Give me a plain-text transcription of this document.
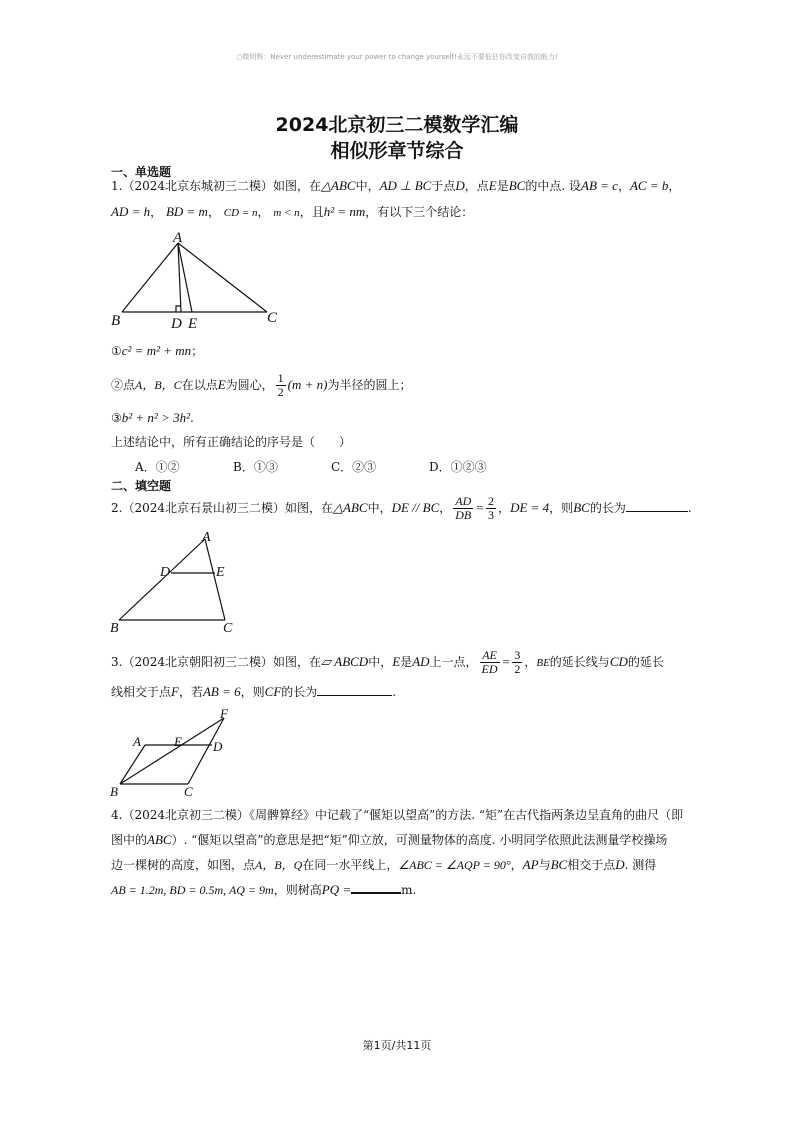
○微明辉：Never underestimate your power to change yourself!永远不要低估你改变自我的能力!
2024北京初三二模数学汇编
相似形章节综合
一、单选题
1.（2024北京东城初三二模）如图，在△ABC中，AD ⊥ BC于点D，点E是BC的中点. 设AB = c，AC = b，
AD = h， BD = m， CD = n， m < n，且h² = nm，有以下三个结论：
A
B	D E	C
①c² = m² + mn；
②点A，B，C在以点E为圆心， $\frac{1}{2} (m + n)$为半径的圆上；
③b² + n² > 3h².
上述结论中，所有正确结论的序号是（　　）
A．①②	B．①③	C．②③	D．①②③
二、填空题
2.（2024北京石景山初三二模）如图，在△ABC中，DE // BC， $\frac{AD}{DB} = \frac{2}{3}$ ，DE = 4，则BC的长为	.
A
D	E
B	C
3.（2024北京朝阳初三二模）如图，在▱ ABCD中，E是AD上一点， $\frac{AE}{ED} = \frac{3}{2}$ ，BE的延长线与CD的延长
线相交于点F，若AB = 6，则CF的长为	.
F
A	E D
B	C
4.（2024北京初三二模）《周髀算经》中记载了“偃矩以望高”的方法. “矩”在古代指两条边呈直角的曲尺（即
图中的ABC）. “偃矩以望高”的意思是把“矩”仰立放，可测量物体的高度. 小明同学依照此法测量学校操场
边一棵树的高度，如图，点A，B，Q在同一水平线上，∠ABC = ∠AQP = 90°，AP与BC相交于点D. 测得
AB = 1.2m, BD = 0.5m, AQ = 9m，则树高PQ =	m.
第1页/共11页
